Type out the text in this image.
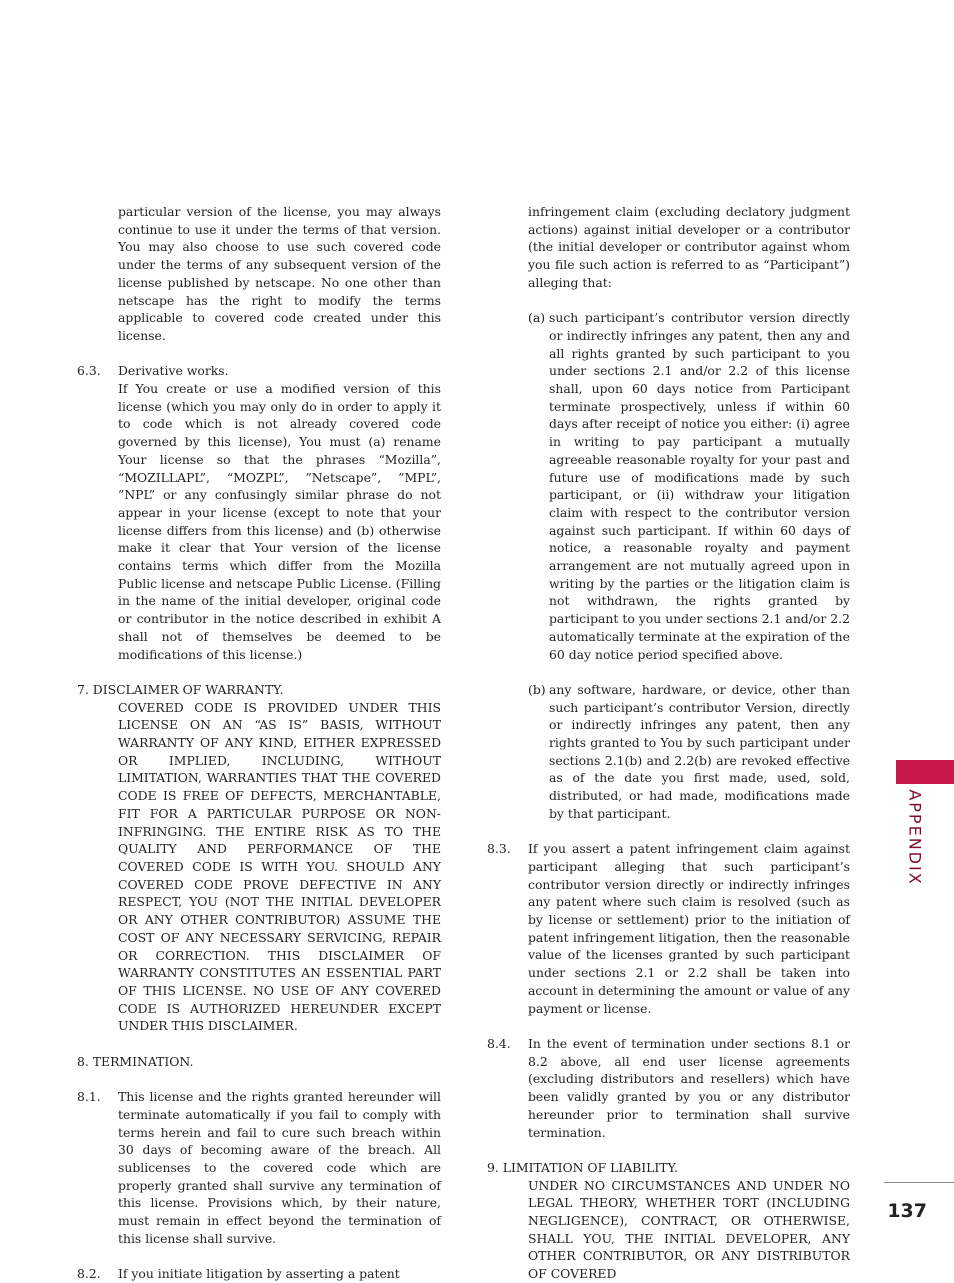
particular version of the license, you may always continue to use it under the terms of that version. You may also choose to use such covered code under the terms of any subsequent version of the license published by netscape. No one other than netscape has the right to modify the terms applicable to covered code created under this license.

6.3. Derivative works.

If You create or use a modified version of this license (which you may only do in order to apply it to code which is not already covered code governed by this license), You must (a) rename Your license so that the phrases “Mozilla”, “MOZILLAPL”, “MOZPL”, ”Netscape”, ”MPL”, ”NPL” or any confusingly similar phrase do not appear in your license (except to note that your license differs from this license) and (b) otherwise make it clear that Your version of the license contains terms which differ from the Mozilla Public license and netscape Public License. (Filling in the name of the initial developer, original code or contributor in the notice described in exhibit A shall not of themselves be deemed to be modifications of this license.)

7. DISCLAIMER OF WARRANTY.

COVERED CODE IS PROVIDED UNDER THIS LICENSE ON AN “AS IS” BASIS, WITHOUT WARRANTY OF ANY KIND, EITHER EXPRESSED OR IMPLIED, INCLUDING, WITHOUT LIMITATION, WARRANTIES THAT THE COVERED CODE IS FREE OF DEFECTS, MERCHANTABLE, FIT FOR A PARTICULAR PURPOSE OR NON-INFRINGING. THE ENTIRE RISK AS TO THE QUALITY AND PERFORMANCE OF THE COVERED CODE IS WITH YOU. SHOULD ANY COVERED CODE PROVE DEFECTIVE IN ANY RESPECT, YOU (NOT THE INITIAL DEVELOPER OR ANY OTHER CONTRIBUTOR) ASSUME THE COST OF ANY NECESSARY SERVICING, REPAIR OR CORRECTION. THIS DISCLAIMER OF WARRANTY CONSTITUTES AN ESSENTIAL PART OF THIS LICENSE. NO USE OF ANY COVERED CODE IS AUTHORIZED HEREUNDER EXCEPT UNDER THIS DISCLAIMER.

8. TERMINATION.

8.1. This license and the rights granted hereunder will terminate automatically if you fail to comply with terms herein and fail to cure such breach within 30 days of becoming aware of the breach. All sublicenses to the covered code which are properly granted shall survive any termination of this license. Provisions which, by their nature, must remain in effect beyond the termination of this license shall survive.

8.2. If you initiate litigation by asserting a patent

infringement claim (excluding declatory judgment actions) against initial developer or a contributor (the initial developer or contributor against whom you file such action is referred to as “Participant”) alleging that:

(a) such participant’s contributor version directly or indirectly infringes any patent, then any and all rights granted by such participant to you under sections 2.1 and/or 2.2 of this license shall, upon 60 days notice from Participant terminate prospectively, unless if within 60 days after receipt of notice you either: (i) agree in writing to pay participant a mutually agreeable reasonable royalty for your past and future use of modifications made by such participant, or (ii) withdraw your litigation claim with respect to the contributor version against such participant. If within 60 days of notice, a reasonable royalty and payment arrangement are not mutually agreed upon in writing by the parties or the litigation claim is not withdrawn, the rights granted by participant to you under sections 2.1 and/or 2.2 automatically terminate at the expiration of the 60 day notice period specified above.

(b) any software, hardware, or device, other than such participant’s contributor Version, directly or indirectly infringes any patent, then any rights granted to You by such participant under sections 2.1(b) and 2.2(b) are revoked effective as of the date you first made, used, sold, distributed, or had made, modifications made by that participant.

8.3. If you assert a patent infringement claim against participant alleging that such participant’s contributor version directly or indirectly infringes any patent where such claim is resolved (such as by license or settlement) prior to the initiation of patent infringement litigation, then the reasonable value of the licenses granted by such participant under sections 2.1 or 2.2 shall be taken into account in determining the amount or value of any payment or license.

8.4. In the event of termination under sections 8.1 or 8.2 above, all end user license agreements (excluding distributors and resellers) which have been validly granted by you or any distributor hereunder prior to termination shall survive termination.

9. LIMITATION OF LIABILITY.

UNDER NO CIRCUMSTANCES AND UNDER NO LEGAL THEORY, WHETHER TORT (INCLUDING NEGLIGENCE), CONTRACT, OR OTHERWISE, SHALL YOU, THE INITIAL DEVELOPER, ANY OTHER CONTRIBUTOR, OR ANY DISTRIBUTOR OF COVERED

APPENDIX
137
